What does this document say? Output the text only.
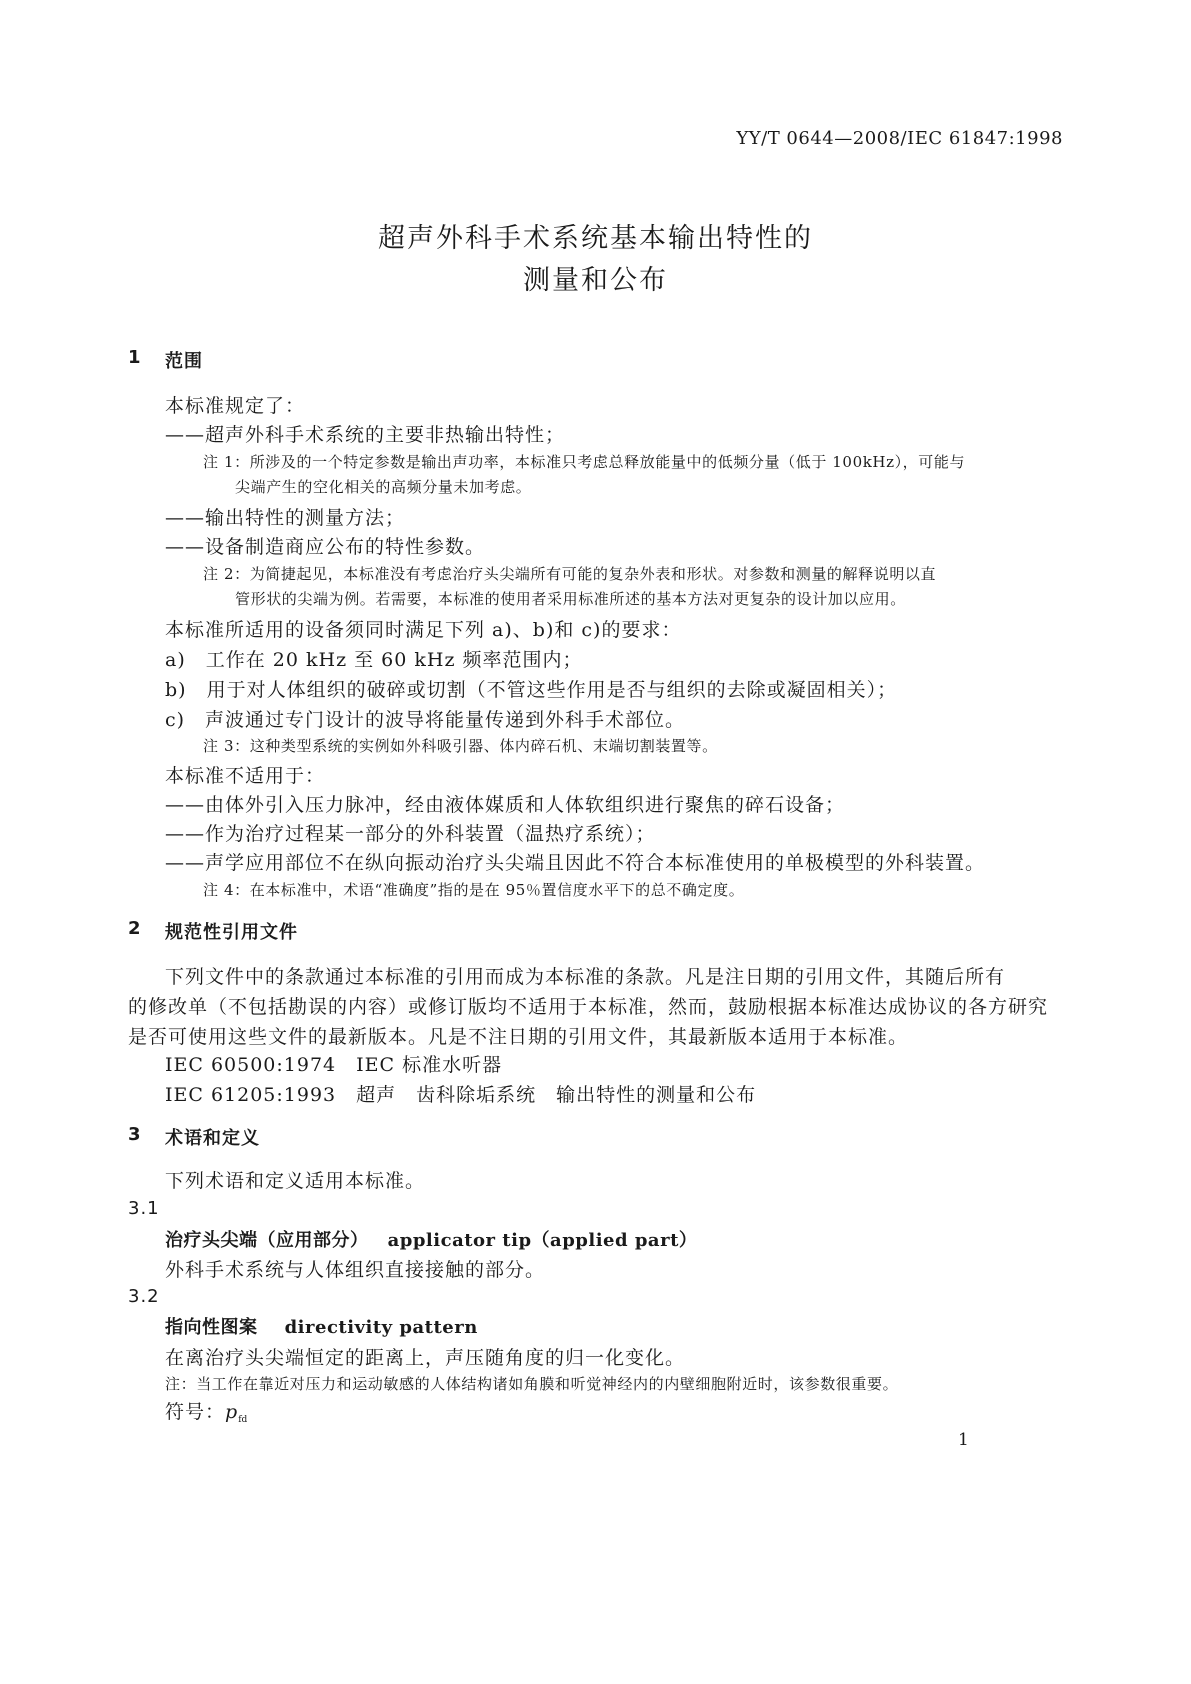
YY/T 0644—2008/IEC 61847:1998
超声外科手术系统基本输出特性的
测量和公布
1 范围
本标准规定了：
——超声外科手术系统的主要非热输出特性；
注 1：所涉及的一个特定参数是输出声功率，本标准只考虑总释放能量中的低频分量（低于 100kHz），可能与
尖端产生的空化相关的高频分量未加考虑。
——输出特性的测量方法；
——设备制造商应公布的特性参数。
注 2：为简捷起见，本标准没有考虑治疗头尖端所有可能的复杂外表和形状。对参数和测量的解释说明以直
管形状的尖端为例。若需要，本标准的使用者采用标准所述的基本方法对更复杂的设计加以应用。
本标准所适用的设备须同时满足下列 a)、b)和 c)的要求：
a)　工作在 20 kHz 至 60 kHz 频率范围内；
b)　用于对人体组织的破碎或切割（不管这些作用是否与组织的去除或凝固相关）；
c)　声波通过专门设计的波导将能量传递到外科手术部位。
注 3：这种类型系统的实例如外科吸引器、体内碎石机、末端切割装置等。
本标准不适用于：
——由体外引入压力脉冲，经由液体媒质和人体软组织进行聚焦的碎石设备；
——作为治疗过程某一部分的外科装置（温热疗系统）；
——声学应用部位不在纵向振动治疗头尖端且因此不符合本标准使用的单极模型的外科装置。
注 4：在本标准中，术语“准确度”指的是在 95％置信度水平下的总不确定度。
2 规范性引用文件
下列文件中的条款通过本标准的引用而成为本标准的条款。凡是注日期的引用文件，其随后所有
的修改单（不包括勘误的内容）或修订版均不适用于本标准，然而，鼓励根据本标准达成协议的各方研究
是否可使用这些文件的最新版本。凡是不注日期的引用文件，其最新版本适用于本标准。
IEC 60500:1974　IEC 标准水听器
IEC 61205:1993　超声　齿科除垢系统　输出特性的测量和公布
3 术语和定义
下列术语和定义适用本标准。
3.1
治疗头尖端（应用部分） applicator tip（applied part）
外科手术系统与人体组织直接接触的部分。
3.2
指向性图案 directivity pattern
在离治疗头尖端恒定的距离上，声压随角度的归一化变化。
注：当工作在靠近对压力和运动敏感的人体结构诸如角膜和听觉神经内的内壁细胞附近时，该参数很重要。
符号：$p_{fd}$
1
